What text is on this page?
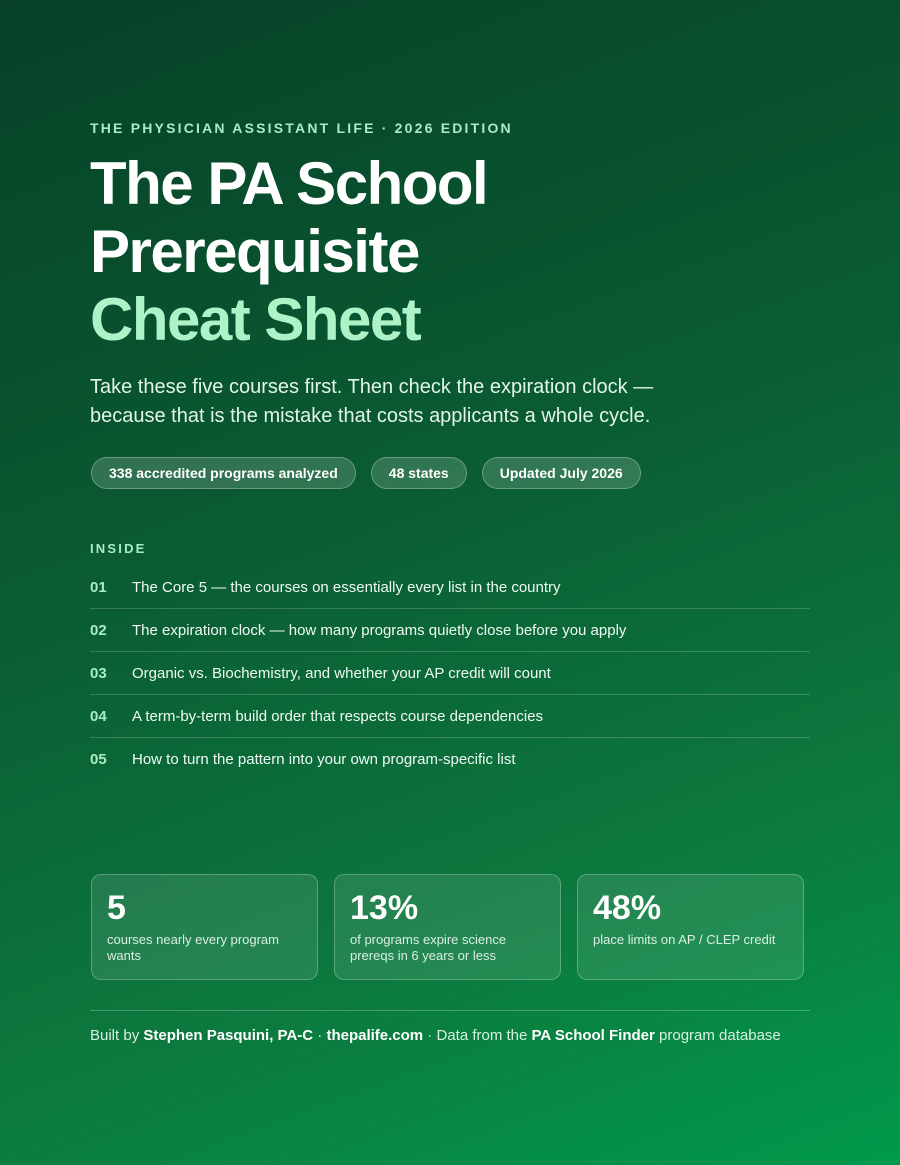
THE PHYSICIAN ASSISTANT LIFE · 2026 EDITION
The PA School
Prerequisite
Cheat Sheet
Take these five courses first. Then check the expiration clock — because that is the mistake that costs applicants a whole cycle.
338 accredited programs analyzed	48 states	Updated July 2026
INSIDE
01	The Core 5 — the courses on essentially every list in the country
02	The expiration clock — how many programs quietly close before you apply
03	Organic vs. Biochemistry, and whether your AP credit will count
04	A term-by-term build order that respects course dependencies
05	How to turn the pattern into your own program-specific list
5
courses nearly every program wants
13%
of programs expire science prereqs in 6 years or less
48%
place limits on AP / CLEP credit
Built by Stephen Pasquini, PA-C · thepalife.com · Data from the PA School Finder program database
